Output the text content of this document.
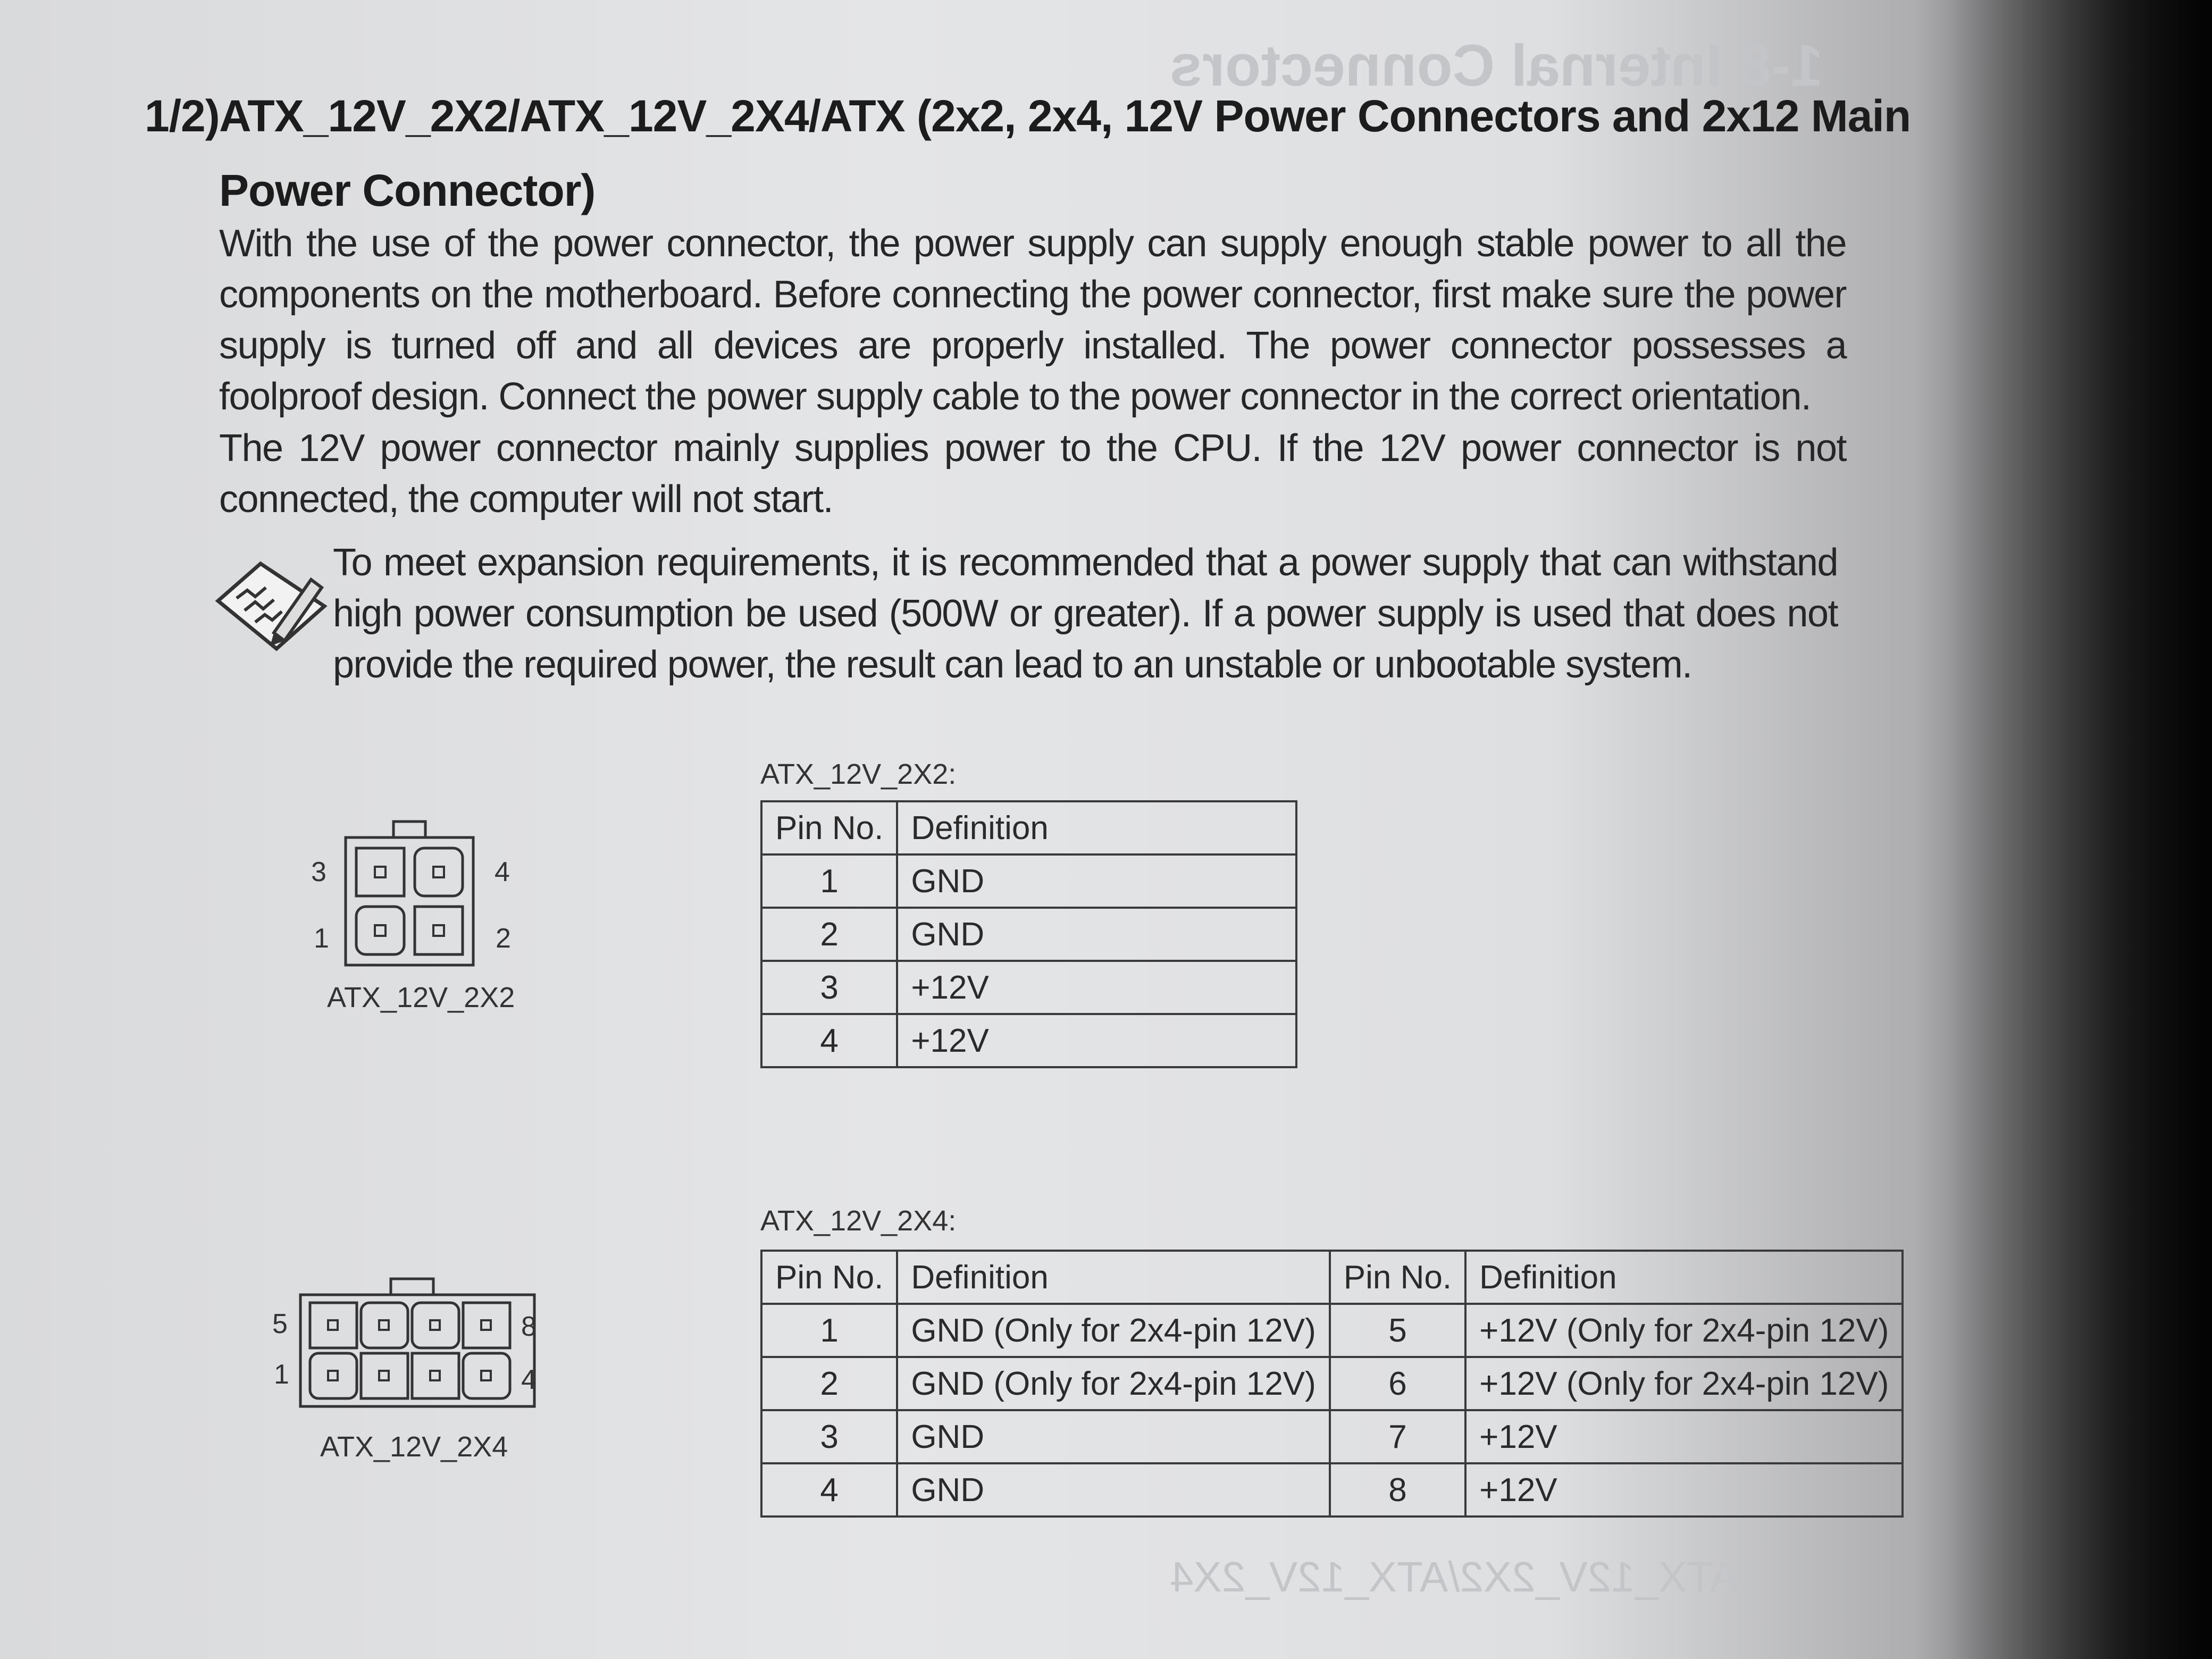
1-8 Internal Connectors
ATX_12V_2X2/ATX_12V_2X4
1/2)ATX_12V_2X2/ATX_12V_2X4/ATX (2x2, 2x4, 12V Power Connectors and 2x12 Main
Power Connector)
With the use of the power connector, the power supply can supply enough stable power to all the components on the motherboard. Before connecting the power connector, first make sure the power supply is turned off and all devices are properly installed. The power connector possesses a foolproof design. Connect the power supply cable to the power connector in the correct orientation.
The 12V power connector mainly supplies power to the CPU. If the 12V power connector is not connected, the computer will not start.
To meet expansion requirements, it is recommended that a power supply that can withstand high power consumption be used (500W or greater). If a power supply is used that does not provide the required power, the result can lead to an unstable or unbootable system.
3	4
1	2
ATX_12V_2X2
ATX_12V_2X2:
Pin No.	Definition
1	GND
2	GND
3	+12V
4	+12V
5	8
1	4
ATX_12V_2X4
ATX_12V_2X4:
Pin No.	Definition	Pin No.	Definition
1	GND (Only for 2x4-pin 12V)	5	+12V (Only for 2x4-pin 12V)
2	GND (Only for 2x4-pin 12V)	6	+12V (Only for 2x4-pin 12V)
3	GND	7	+12V
4	GND	8	+12V
